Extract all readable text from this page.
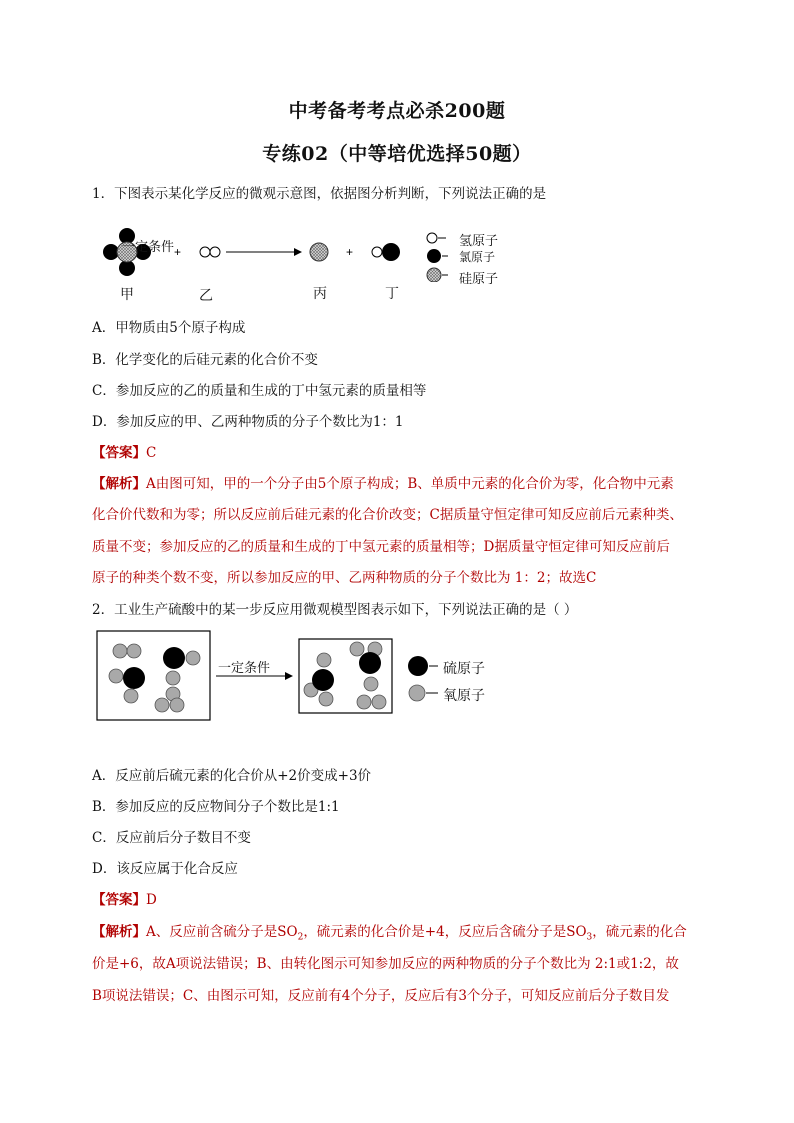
中考备考考点必杀200题
专练02（中等培优选择50题）
1．下图表示某化学反应的微观示意图，依据图分析判断，下列说法正确的是
+	+
一定条件	氢原子
氯原子
硅原子
甲	乙	丙	丁
A．甲物质由5个原子构成
B．化学变化的后硅元素的化合价不变
C．参加反应的乙的质量和生成的丁中氢元素的质量相等
D．参加反应的甲、乙两种物质的分子个数比为1：1
【答案】C
【解析】A由图可知，甲的一个分子由5个原子构成；B、单质中元素的化合价为零，化合物中元素
化合价代数和为零；所以反应前后硅元素的化合价改变；C据质量守恒定律可知反应前后元素种类、
质量不变；参加反应的乙的质量和生成的丁中氢元素的质量相等；D据质量守恒定律可知反应前后
原子的种类个数不变，所以参加反应的甲、乙两种物质的分子个数比为 1：2；故选C
2．工业生产硫酸中的某一步反应用微观模型图表示如下，下列说法正确的是（ ）
一定条件	硫原子
氧原子
A．反应前后硫元素的化合价从+2价变成+3价
B．参加反应的反应物间分子个数比是1:1
C．反应前后分子数目不变
D．该反应属于化合反应
【答案】D
【解析】A、反应前含硫分子是$SO_2$，硫元素的化合价是+4，反应后含硫分子是$SO_3$，硫元素的化合
价是+6，故A项说法错误；B、由转化图示可知参加反应的两种物质的分子个数比为 2:1或1:2，故
B项说法错误；C、由图示可知，反应前有4个分子，反应后有3个分子，可知反应前后分子数目发
